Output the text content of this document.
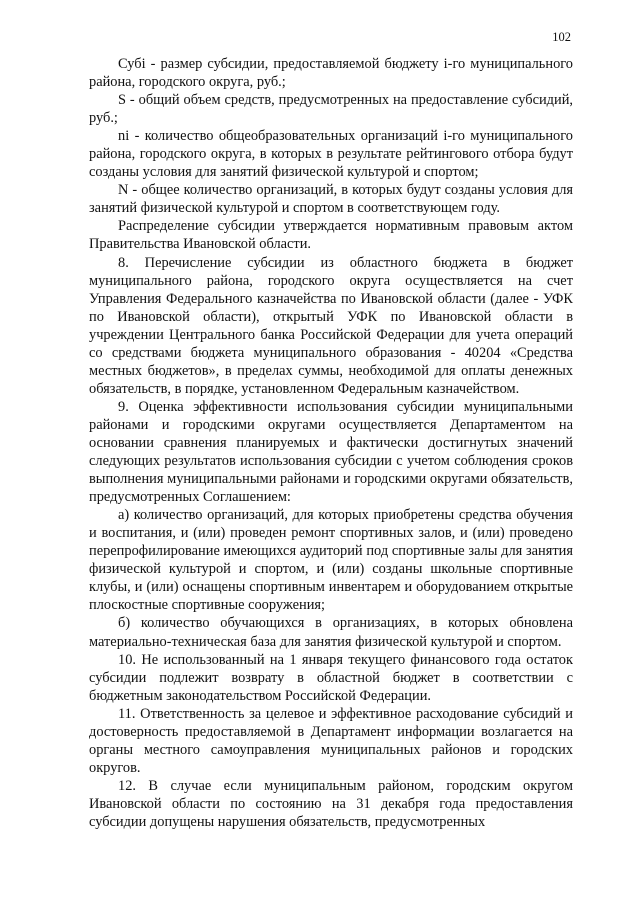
102

Субі - размер субсидии, предоставляемой бюджету і-го муниципального района, городского округа, руб.;

S - общий объем средств, предусмотренных на предоставление субсидий, руб.;

ni - количество общеобразовательных организаций і-го муниципального района, городского округа, в которых в результате рейтингового отбора будут созданы условия для занятий физической культурой и спортом;

N - общее количество организаций, в которых будут созданы условия для занятий физической культурой и спортом в соответствующем году.

Распределение субсидии утверждается нормативным правовым актом Правительства Ивановской области.

8. Перечисление субсидии из областного бюджета в бюджет муниципального района, городского округа осуществляется на счет Управления Федерального казначейства по Ивановской области (далее - УФК по Ивановской области), открытый УФК по Ивановской области в учреждении Центрального банка Российской Федерации для учета операций со средствами бюджета муниципального образования - 40204 «Средства местных бюджетов», в пределах суммы, необходимой для оплаты денежных обязательств, в порядке, установленном Федеральным казначейством.

9. Оценка эффективности использования субсидии муниципальными районами и городскими округами осуществляется Департаментом на основании сравнения планируемых и фактически достигнутых значений следующих результатов использования субсидии с учетом соблюдения сроков выполнения муниципальными районами и городскими округами обязательств, предусмотренных Соглашением:

а) количество организаций, для которых приобретены средства обучения и воспитания, и (или) проведен ремонт спортивных залов, и (или) проведено перепрофилирование имеющихся аудиторий под спортивные залы для занятия физической культурой и спортом, и (или) созданы школьные спортивные клубы, и (или) оснащены спортивным инвентарем и оборудованием открытые плоскостные спортивные сооружения;

б) количество обучающихся в организациях, в которых обновлена материально-техническая база для занятия физической культурой и спортом.

10. Не использованный на 1 января текущего финансового года остаток субсидии подлежит возврату в областной бюджет в соответствии с бюджетным законодательством Российской Федерации.

11. Ответственность за целевое и эффективное расходование субсидий и достоверность предоставляемой в Департамент информации возлагается на органы местного самоуправления муниципальных районов и городских округов.

12. В случае если муниципальным районом, городским округом Ивановской области по состоянию на 31 декабря года предоставления субсидии допущены нарушения обязательств, предусмотренных
